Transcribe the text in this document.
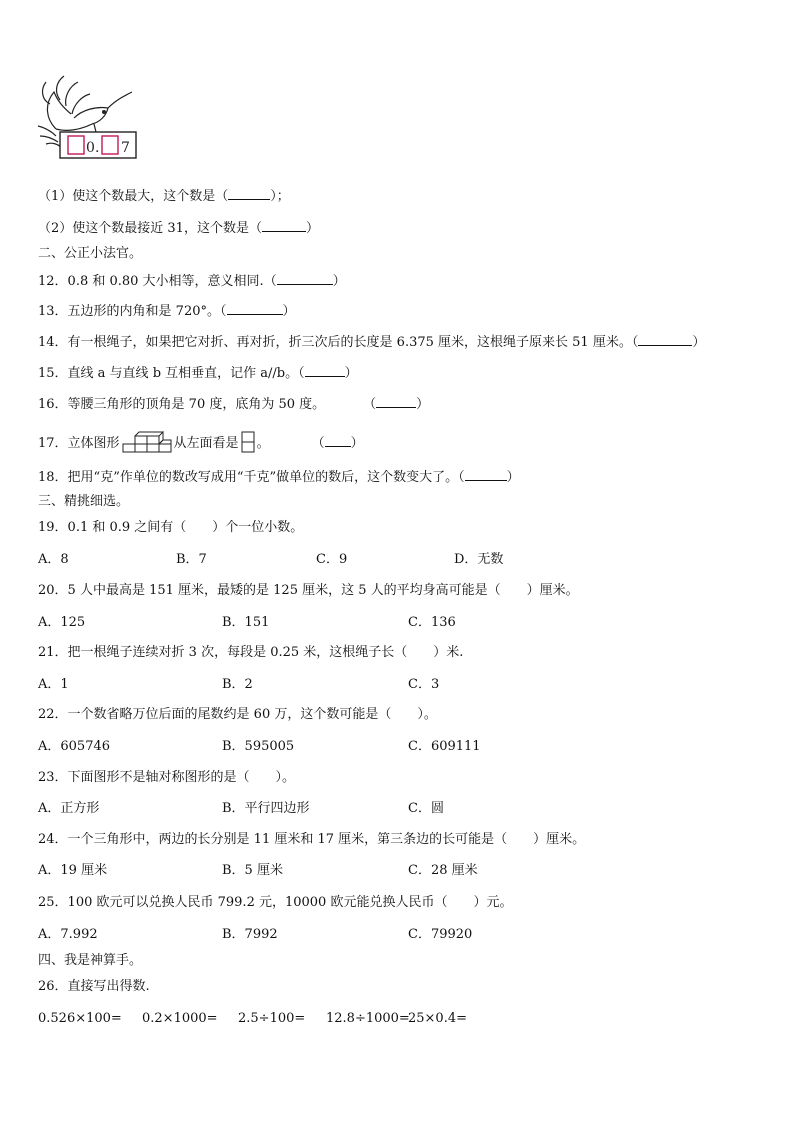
0 . 7
（1）使这个数最大，这个数是（	）；
（2）使这个数最接近 31，这个数是（	）
二、公正小法官。
12．0.8 和 0.80 大小相等，意义相同.（	）
13．五边形的内角和是 720°。（	）
14．有一根绳子，如果把它对折、再对折，折三次后的长度是 6.375 厘米，这根绳子原来长 51 厘米。（	）
15．直线 a 与直线 b 互相垂直，记作 a//b。（	）
16．等腰三角形的顶角是 70 度，底角为 50 度。	（	）
17．立体图形	从左面看是 。	（ ）
18．把用“克”作单位的数改写成用“千克”做单位的数后，这个数变大了。（	）
三、精挑细选。
19．0.1 和 0.9 之间有（　　）个一位小数。
A．8	B．7	C．9	D．无数
20．5 人中最高是 151 厘米，最矮的是 125 厘米，这 5 人的平均身高可能是（　　）厘米。
A．125	B．151	C．136
21．把一根绳子连续对折 3 次，每段是 0.25 米，这根绳子长（　　）米.
A．1	B．2	C．3
22．一个数省略万位后面的尾数约是 60 万，这个数可能是（　　）。
A．605746	B．595005	C．609111
23．下面图形不是轴对称图形的是（　　）。
A．正方形	B．平行四边形	C．圆
24．一个三角形中，两边的长分别是 11 厘米和 17 厘米，第三条边的长可能是（　　）厘米。
A．19 厘米	B．5 厘米	C．28 厘米
25．100 欧元可以兑换人民币 799.2 元，10000 欧元能兑换人民币（　　）元。
A．7.992	B．7992	C．79920
四、我是神算手。
26．直接写出得数.
0.526×100= 0.2×1000= 2.5÷100= 12.8÷1000=
25×0.4=
